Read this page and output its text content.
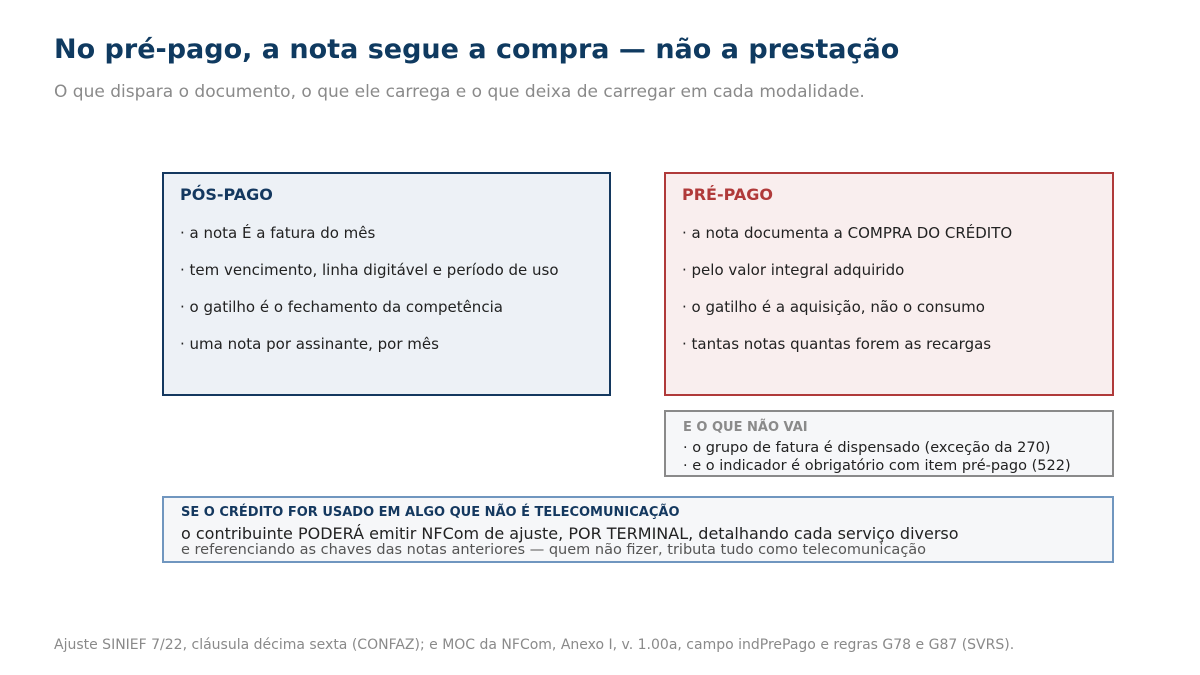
No pré-pago, a nota segue a compra — não a prestação
O que dispara o documento, o que ele carrega e o que deixa de carregar em cada modalidade.
PÓS-PAGO
· a nota É a fatura do mês
· tem vencimento, linha digitável e período de uso
· o gatilho é o fechamento da competência
· uma nota por assinante, por mês
PRÉ-PAGO
· a nota documenta a COMPRA DO CRÉDITO
· pelo valor integral adquirido
· o gatilho é a aquisição, não o consumo
· tantas notas quantas forem as recargas
E O QUE NÃO VAI
· o grupo de fatura é dispensado (exceção da 270)
· e o indicador é obrigatório com item pré-pago (522)
SE O CRÉDITO FOR USADO EM ALGO QUE NÃO É TELECOMUNICAÇÃO
o contribuinte PODERÁ emitir NFCom de ajuste, POR TERMINAL, detalhando cada serviço diverso
e referenciando as chaves das notas anteriores — quem não fizer, tributa tudo como telecomunicação
Ajuste SINIEF 7/22, cláusula décima sexta (CONFAZ); e MOC da NFCom, Anexo I, v. 1.00a, campo indPrePago e regras G78 e G87 (SVRS).
